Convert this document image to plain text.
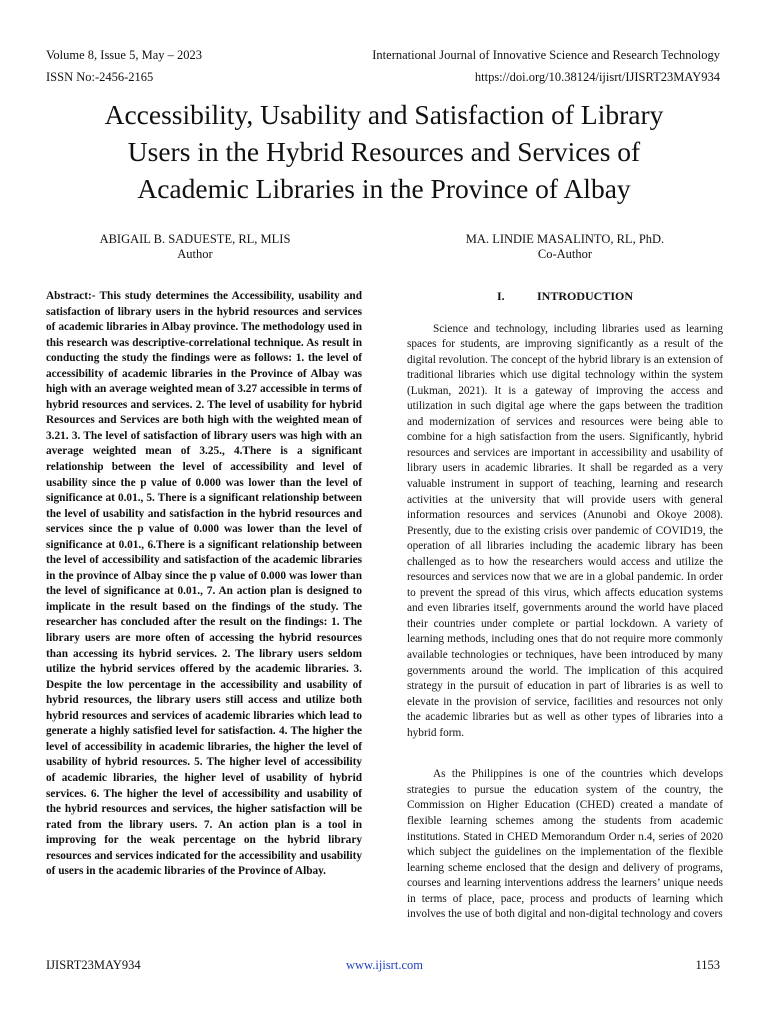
Volume 8, Issue 5, May – 2023
ISSN No:-2456-2165
International Journal of Innovative Science and Research Technology
https://doi.org/10.38124/ijisrt/IJISRT23MAY934
Accessibility, Usability and Satisfaction of Library
Users in the Hybrid Resources and Services of
Academic Libraries in the Province of Albay
ABIGAIL B. SADUESTE, RL, MLIS
Author
MA. LINDIE MASALINTO, RL, PhD.
Co-Author

Abstract:- This study determines the Accessibility, usability and satisfaction of library users in the hybrid resources and services of academic libraries in Albay province. The methodology used in this research was descriptive-correlational technique. As result in conducting the study the findings were as follows: 1. the level of accessibility of academic libraries in the Province of Albay was high with an average weighted mean of 3.27 accessible in terms of hybrid resources and services. 2. The level of usability for hybrid Resources and Services are both high with the weighted mean of 3.21. 3. The level of satisfaction of library users was high with an average weighted mean of 3.25., 4.There is a significant relationship between the level of accessibility and level of usability since the p value of 0.000 was lower than the level of significance at 0.01., 5. There is a significant relationship between the level of usability and satisfaction in the hybrid resources and services since the p value of 0.000 was lower than the level of significance at 0.01., 6.There is a significant relationship between the level of accessibility and satisfaction of the academic libraries in the province of Albay since the p value of 0.000 was lower than the level of significance at 0.01., 7. An action plan is designed to implicate in the result based on the findings of the study. The researcher has concluded after the result on the findings: 1. The library users are more often of accessing the hybrid resources than accessing its hybrid services. 2. The library users seldom utilize the hybrid services offered by the academic libraries. 3. Despite the low percentage in the accessibility and usability of hybrid resources, the library users still access and utilize both hybrid resources and services of academic libraries which lead to generate a highly satisfied level for satisfaction. 4. The higher the level of accessibility in academic libraries, the higher the level of usability of hybrid resources. 5. The higher level of accessibility of academic libraries, the higher level of usability of hybrid services. 6. The higher the level of accessibility and usability of the hybrid resources and services, the higher satisfaction will be rated from the library users. 7. An action plan is a tool in improving for the weak percentage on the hybrid library resources and services indicated for the accessibility and usability of users in the academic libraries of the Province of Albay.

I.	INTRODUCTION

Science and technology, including libraries used as learning spaces for students, are improving significantly as a result of the digital revolution. The concept of the hybrid library is an extension of traditional libraries which use digital technology within the system (Lukman, 2021). It is a gateway of improving the access and utilization in such digital age where the gaps between the tradition and modernization of services and resources were being able to combine for a high satisfaction from the users. Significantly, hybrid resources and services are important in accessibility and usability of library users in academic libraries. It shall be regarded as a very valuable instrument in support of teaching, learning and research activities at the university that will provide users with general information resources and services (Anunobi and Okoye 2008). Presently, due to the existing crisis over pandemic of COVID19, the operation of all libraries including the academic library has been challenged as to how the researchers would access and utilize the resources and services now that we are in a global pandemic. In order to prevent the spread of this virus, which affects education systems and even libraries itself, governments around the world have placed their countries under complete or partial lockdown. A variety of learning methods, including ones that do not require more commonly available technologies or techniques, have been introduced by many governments around the world. The implication of this acquired strategy in the pursuit of education in part of libraries is as well to elevate in the provision of service, facilities and resources not only the academic libraries but as well as other types of libraries into a hybrid form.

As the Philippines is one of the countries which develops strategies to pursue the education system of the country, the Commission on Higher Education (CHED) created a mandate of flexible learning schemes among the students from academic institutions. Stated in CHED Memorandum Order n.4, series of 2020 which subject the guidelines on the implementation of the flexible learning scheme enclosed that the design and delivery of programs, courses and learning interventions address the learners’ unique needs in terms of place, pace, process and products of learning which involves the use of both digital and non-digital technology and covers

IJISRT23MAY934	www.ijisrt.com	1153
